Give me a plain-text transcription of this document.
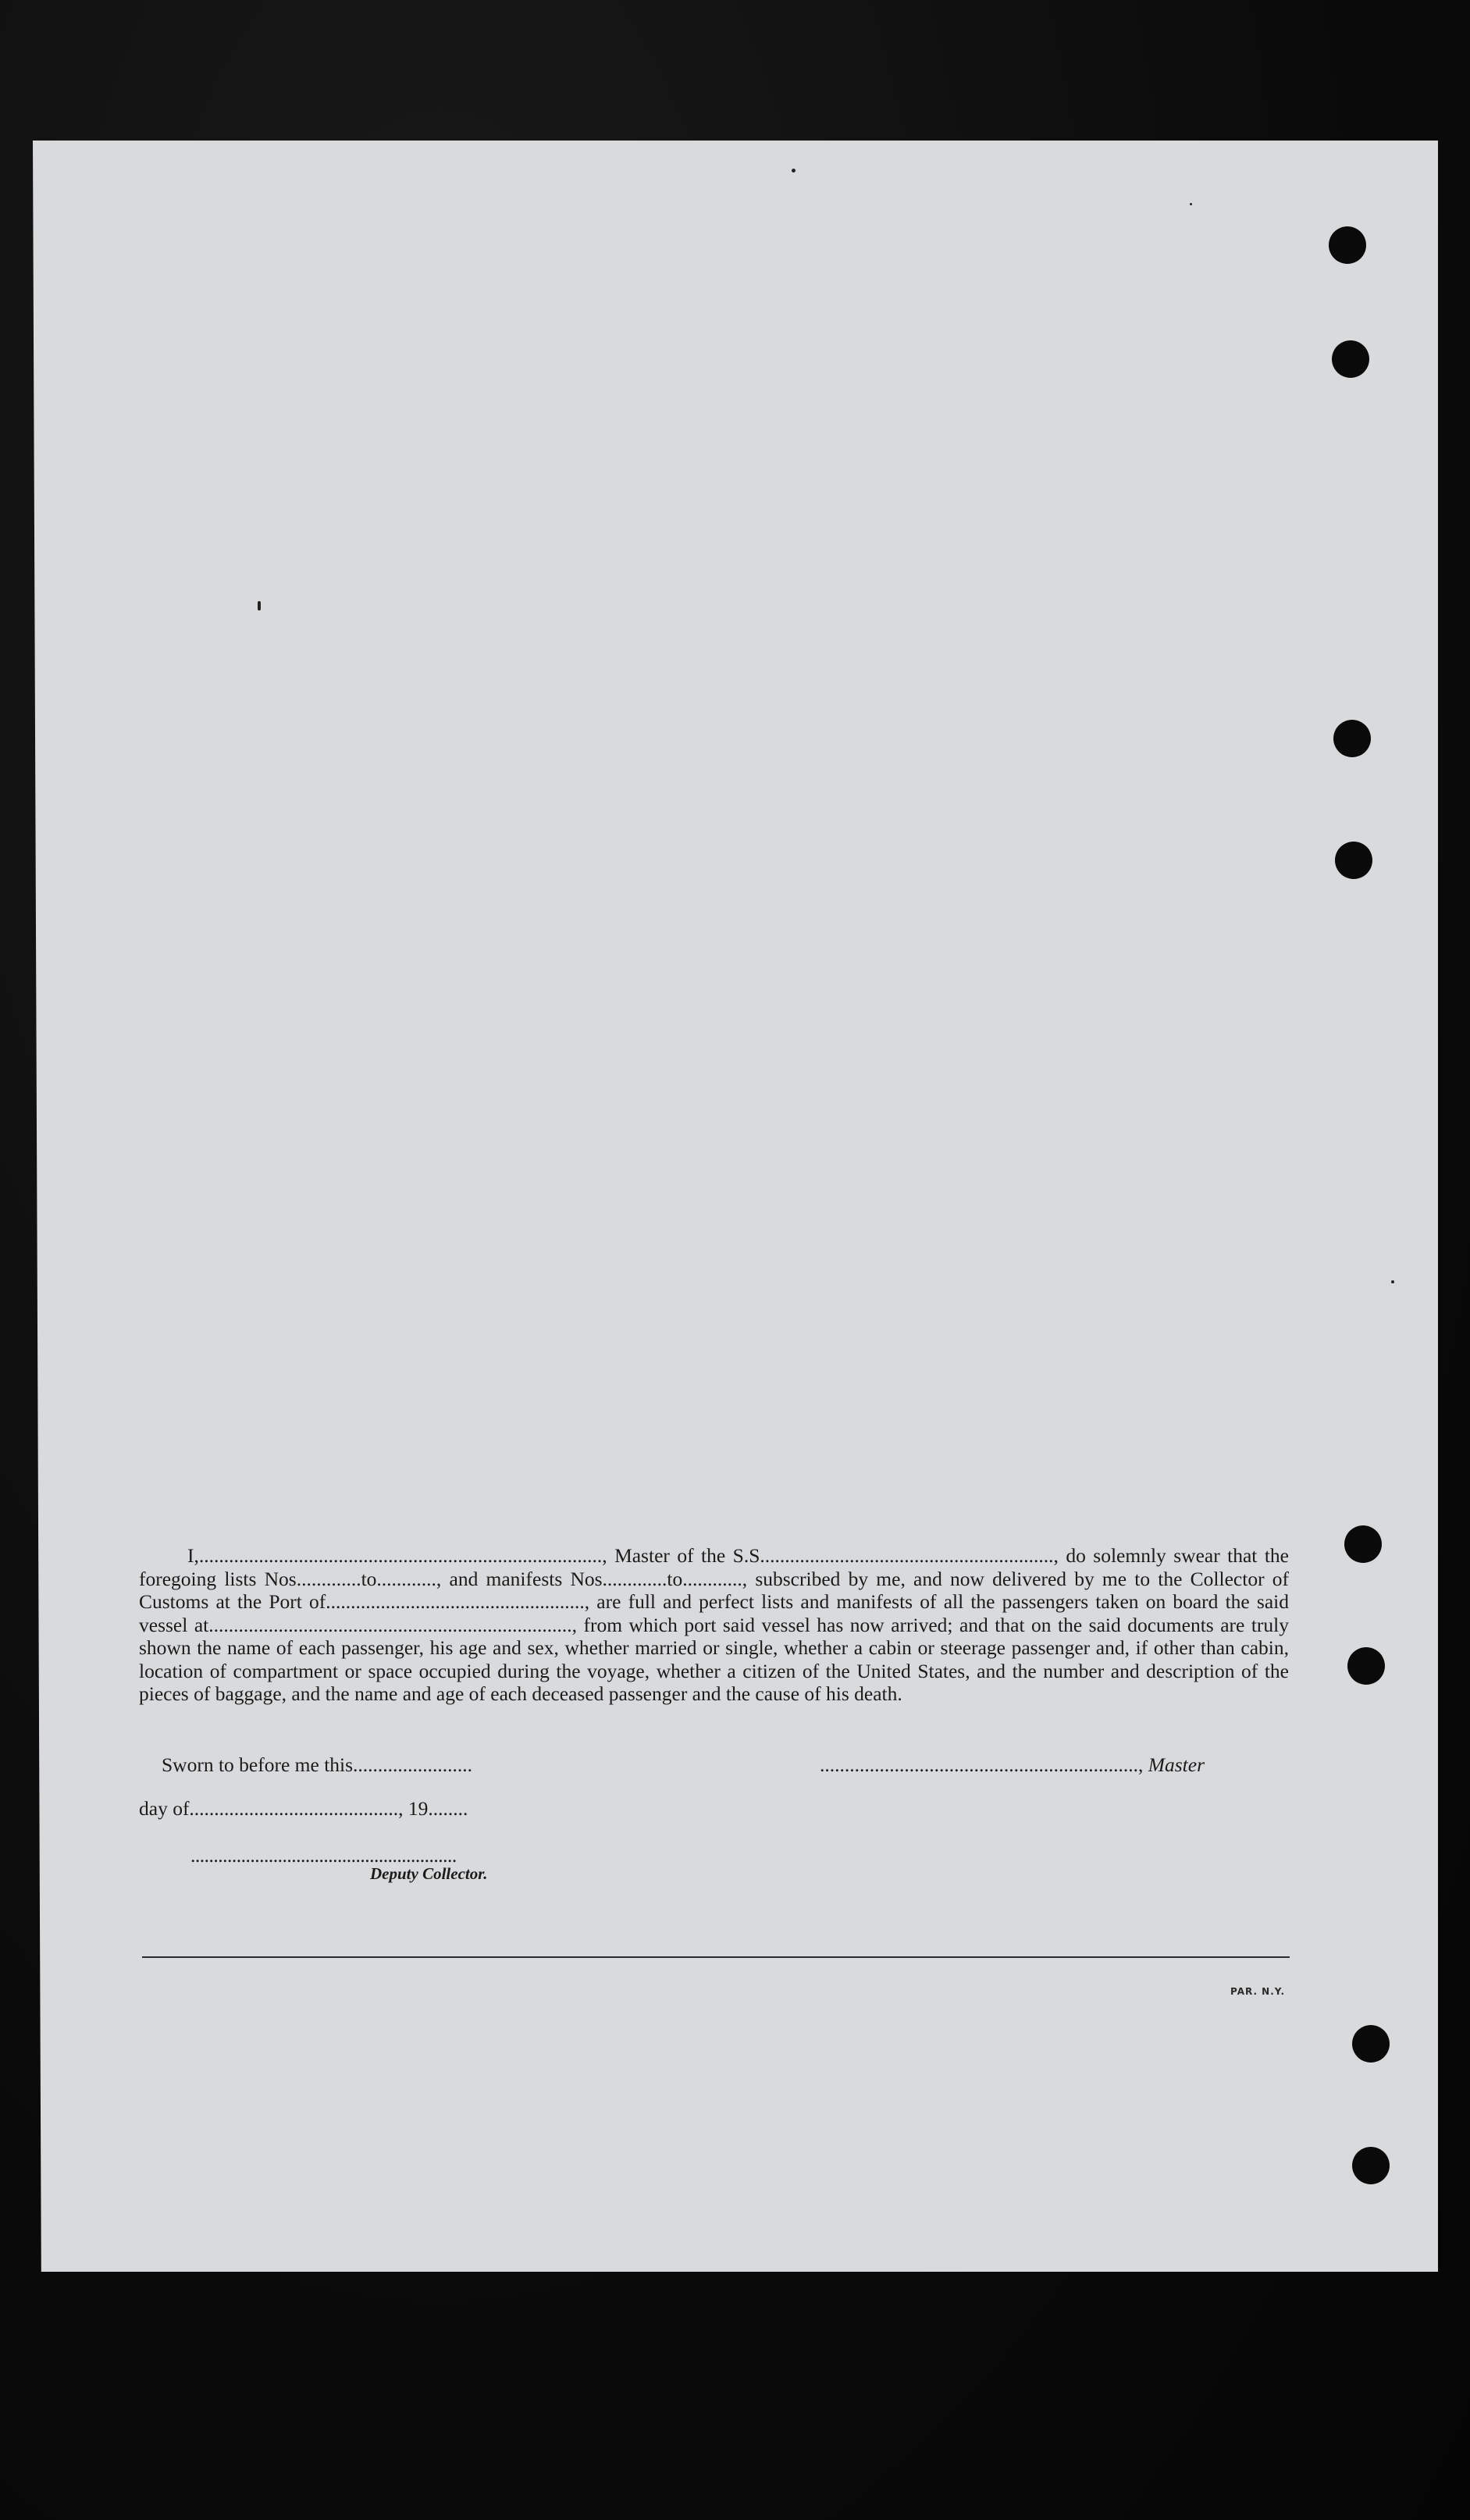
I,................................................................................., Master of the S.S..........................................................., do solemnly swear that the foregoing lists Nos.............to............, and manifests Nos.............to............, subscribed by me, and now delivered by me to the Collector of Customs at the Port of...................................................., are full and perfect lists and manifests of all the passengers taken on board the said vessel at........................................................................., from which port said vessel has now arrived; and that on the said documents are truly shown the name of each passenger, his age and sex, whether married or single, whether a cabin or steerage passenger and, if other than cabin, location of compartment or space occupied during the voyage, whether a citizen of the United States, and the number and description of the pieces of baggage, and the name and age of each deceased passenger and the cause of his death.
Sworn to before me this........................	................................................................, Master
day of.........................................., 19........
..........................................................
Deputy Collector.
PAR. N.Y.
